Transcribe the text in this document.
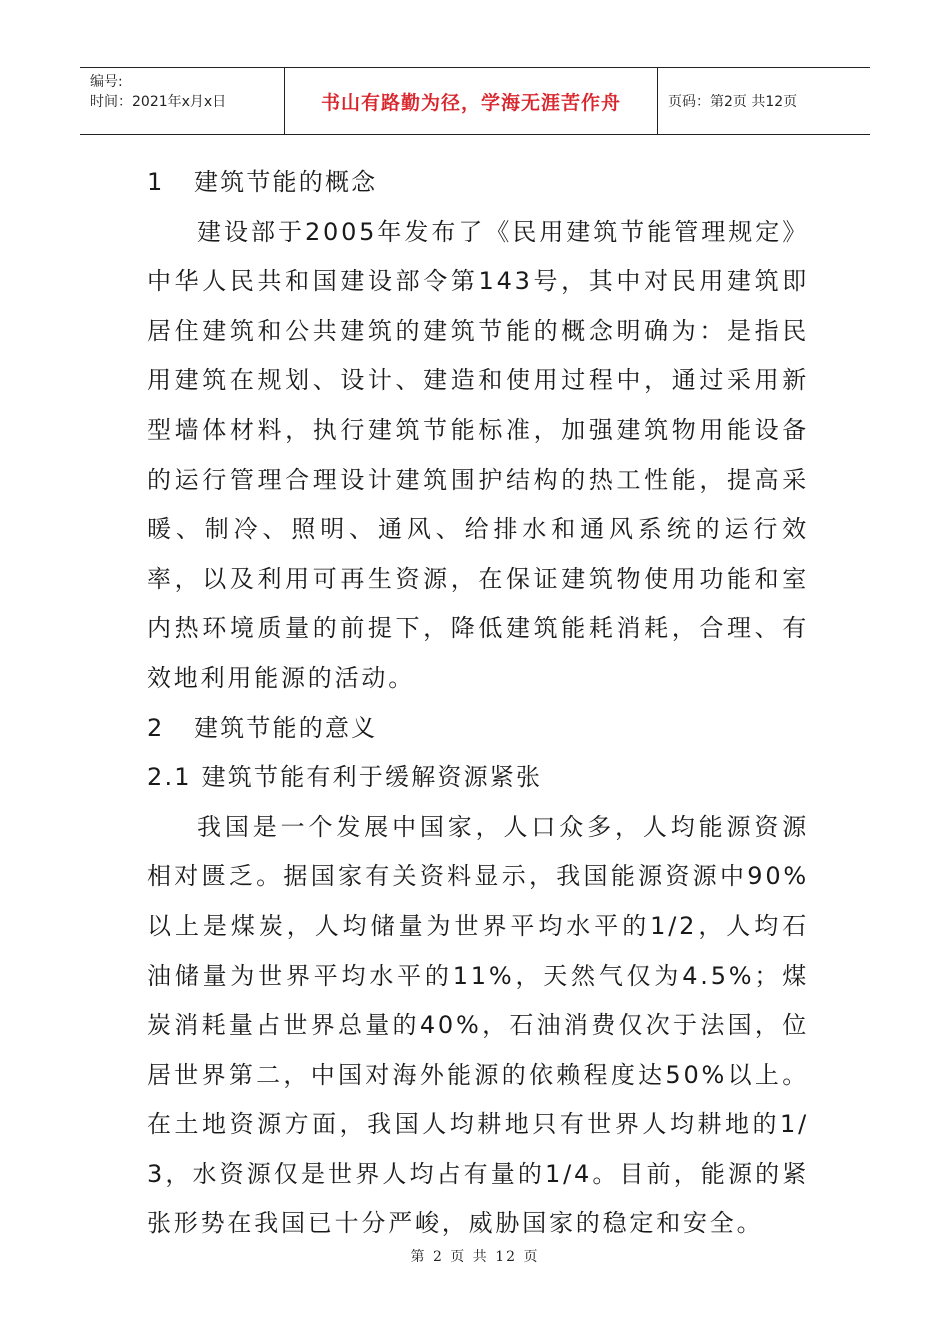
编号:
时间：2021年x月x日	书山有路勤为径，学海无涯苦作舟	页码：第2页 共12页

1   建筑节能的概念

建设部于2005年发布了《民用建筑节能管理规定》中华人民共和国建设部令第143号，其中对民用建筑即居住建筑和公共建筑的建筑节能的概念明确为：是指民用建筑在规划、设计、建造和使用过程中，通过采用新型墙体材料，执行建筑节能标准，加强建筑物用能设备的运行管理合理设计建筑围护结构的热工性能，提高采暖、制冷、照明、通风、给排水和通风系统的运行效率，以及利用可再生资源，在保证建筑物使用功能和室内热环境质量的前提下，降低建筑能耗消耗，合理、有效地利用能源的活动。

2   建筑节能的意义

2.1 建筑节能有利于缓解资源紧张

我国是一个发展中国家，人口众多，人均能源资源相对匮乏。据国家有关资料显示，我国能源资源中90%以上是煤炭，人均储量为世界平均水平的1/2，人均石油储量为世界平均水平的11%，天然气仅为4.5%；煤炭消耗量占世界总量的40%，石油消费仅次于法国，位居世界第二，中国对海外能源的依赖程度达50%以上。在土地资源方面，我国人均耕地只有世界人均耕地的1/3，水资源仅是世界人均占有量的1/4。目前，能源的紧张形势在我国已十分严峻，威胁国家的稳定和安全。

第 2 页 共 12 页
